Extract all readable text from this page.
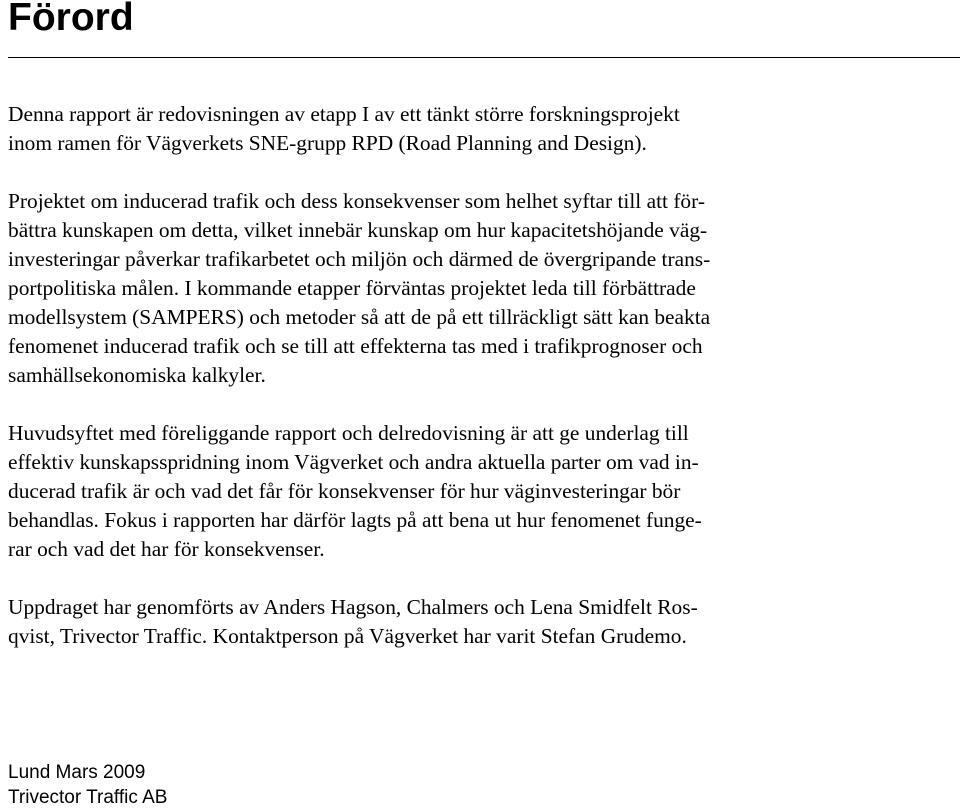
Förord

Denna rapport är redovisningen av etapp I av ett tänkt större forskningsprojekt
inom ramen för Vägverkets SNE-grupp RPD (Road Planning and Design).

Projektet om inducerad trafik och dess konsekvenser som helhet syftar till att för-
bättra kunskapen om detta, vilket innebär kunskap om hur kapacitetshöjande väg-
investeringar påverkar trafikarbetet och miljön och därmed de övergripande trans-
portpolitiska målen. I kommande etapper förväntas projektet leda till förbättrade
modellsystem (SAMPERS) och metoder så att de på ett tillräckligt sätt kan beakta
fenomenet inducerad trafik och se till att effekterna tas med i trafikprognoser och
samhällsekonomiska kalkyler.

Huvudsyftet med föreliggande rapport och delredovisning är att ge underlag till
effektiv kunskapsspridning inom Vägverket och andra aktuella parter om vad in-
ducerad trafik är och vad det får för konsekvenser för hur väginvesteringar bör
behandlas. Fokus i rapporten har därför lagts på att bena ut hur fenomenet funge-
rar och vad det har för konsekvenser.

Uppdraget har genomförts av Anders Hagson, Chalmers och Lena Smidfelt Ros-
qvist, Trivector Traffic. Kontaktperson på Vägverket har varit Stefan Grudemo.

Lund Mars 2009
Trivector Traffic AB
